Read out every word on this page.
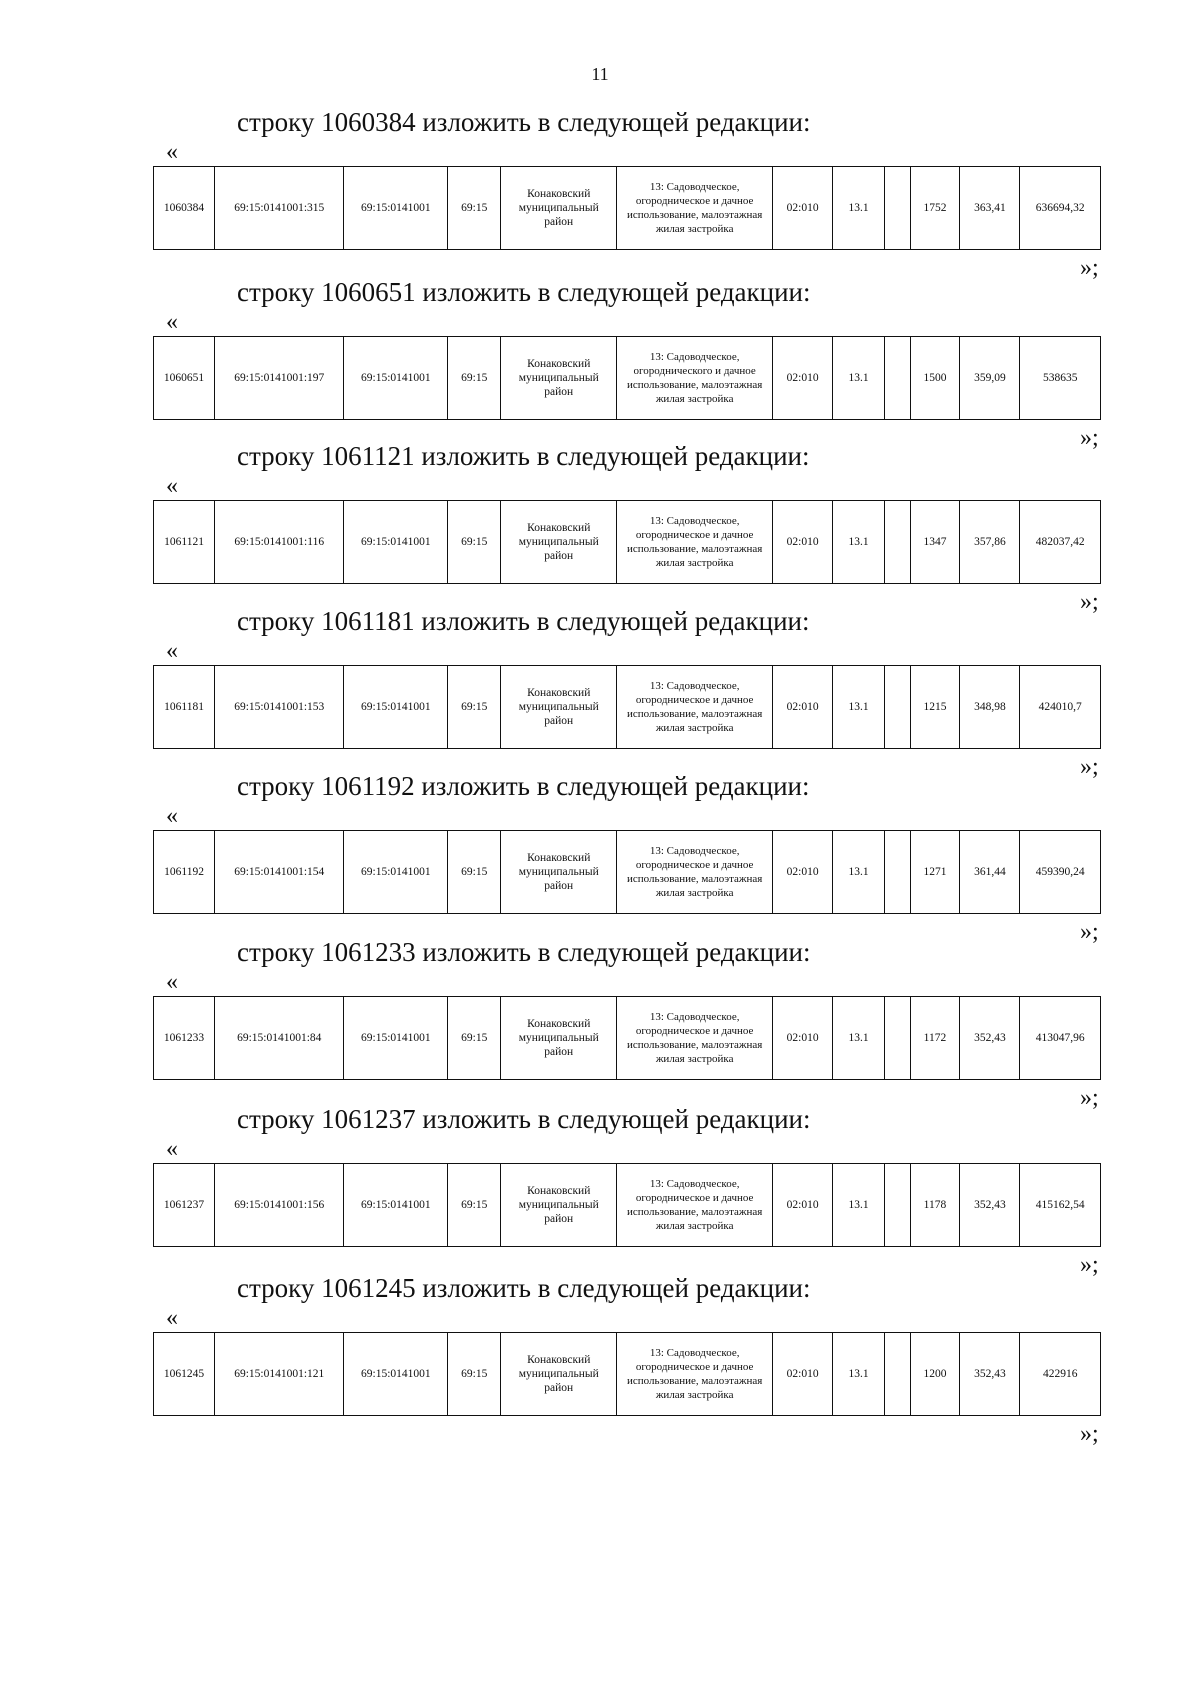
11
строку 1060384 изложить в следующей редакции:
«
1060384	69:15:0141001:315	69:15:0141001	69:15	Конаковский муниципальный район	13: Садоводческое, огородническое и дачное использование, малоэтажная жилая застройка	02:010	13.1		1752	363,41	636694,32
»;
строку 1060651 изложить в следующей редакции:
«
1060651	69:15:0141001:197	69:15:0141001	69:15	Конаковский муниципальный район	13: Садоводческое, огороднического и дачное использование, малоэтажная жилая застройка	02:010	13.1		1500	359,09	538635
»;
строку 1061121 изложить в следующей редакции:
«
1061121	69:15:0141001:116	69:15:0141001	69:15	Конаковский муниципальный район	13: Садоводческое, огородническое и дачное использование, малоэтажная жилая застройка	02:010	13.1		1347	357,86	482037,42
»;
строку 1061181 изложить в следующей редакции:
«
1061181	69:15:0141001:153	69:15:0141001	69:15	Конаковский муниципальный район	13: Садоводческое, огородническое и дачное использование, малоэтажная жилая застройка	02:010	13.1		1215	348,98	424010,7
»;
строку 1061192 изложить в следующей редакции:
«
1061192	69:15:0141001:154	69:15:0141001	69:15	Конаковский муниципальный район	13: Садоводческое, огородническое и дачное использование, малоэтажная жилая застройка	02:010	13.1		1271	361,44	459390,24
»;
строку 1061233 изложить в следующей редакции:
«
1061233	69:15:0141001:84	69:15:0141001	69:15	Конаковский муниципальный район	13: Садоводческое, огородническое и дачное использование, малоэтажная жилая застройка	02:010	13.1		1172	352,43	413047,96
»;
строку 1061237 изложить в следующей редакции:
«
1061237	69:15:0141001:156	69:15:0141001	69:15	Конаковский муниципальный район	13: Садоводческое, огородническое и дачное использование, малоэтажная жилая застройка	02:010	13.1		1178	352,43	415162,54
»;
строку 1061245 изложить в следующей редакции:
«
1061245	69:15:0141001:121	69:15:0141001	69:15	Конаковский муниципальный район	13: Садоводческое, огородническое и дачное использование, малоэтажная жилая застройка	02:010	13.1		1200	352,43	422916
»;
